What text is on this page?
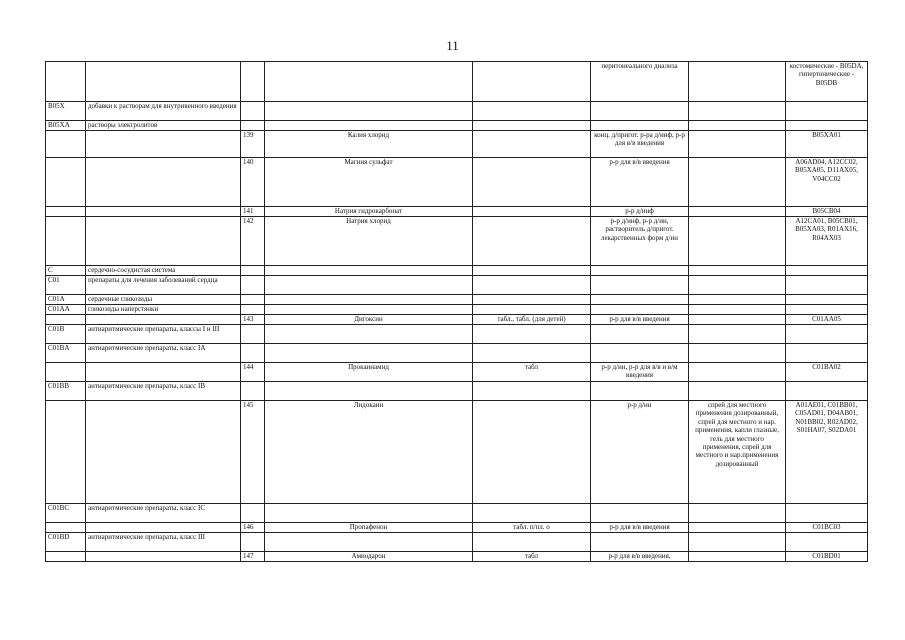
11
					перитонеального диализа		костомические - B05DA, гипертонические - B05DB
B05X	добавки к растворам для внутривенного введения						
B05XA	растворы электролитов						
		139	Калия хлорид		конц. д/пригот. р-ра д/инф, р-р для в/в введения		B05XA01
		140	Магния сульфат		р-р для в/в введения		A06AD04, A12CC02, B05XA05, D11AX05, V04CC02
		141	Натрия гидрокарбонат		р-р д/инф		B05CB04
		142	Натрия хлорид		р-р д/инф, р-р д/ин, растворитель д/пригот. лекарственных форм д/ин		A12CA01, B05CB01, B05XA03, R01AX16, R04AX03
C	сердечно-сосудистая система						
C01	препараты для лечения заболеваний сердца						
C01A	сердечные гликозиды						
C01AA	гликозиды наперстянки						
		143	Дигоксин	табл., табл. (для детей)	р-р для в/в введения		C01AA05
C01B	антиаритмические препараты, классы I и III						
C01BA	антиаритмические препараты, класс IA						
		144	Прокаинамид	табл	р-р д/ин, р-р для в/в и в/м введения		C01BA02
C01BB	антиаритмические препараты, класс IB						
		145	Лидокаин		р-р д/ин	спрей для местного применения дозированный, спрей для местного и нар. применения, капли глазные, гель для местного применения, спрей для местного и нар.применения дозированный	A01AE01, C01BB01, C05AD01, D04AB01, N01BB02, R02AD02, S01HA07, S02DA01
C01BC	антиаритмические препараты, класс IC						
		146	Пропафенон	табл. п/пл. о	р-р для в/в введения		C01BC03
C01BD	антиаритмические препараты, класс III						
		147	Амиодарон	табл	р-р для в/в введения,		C01BD01
